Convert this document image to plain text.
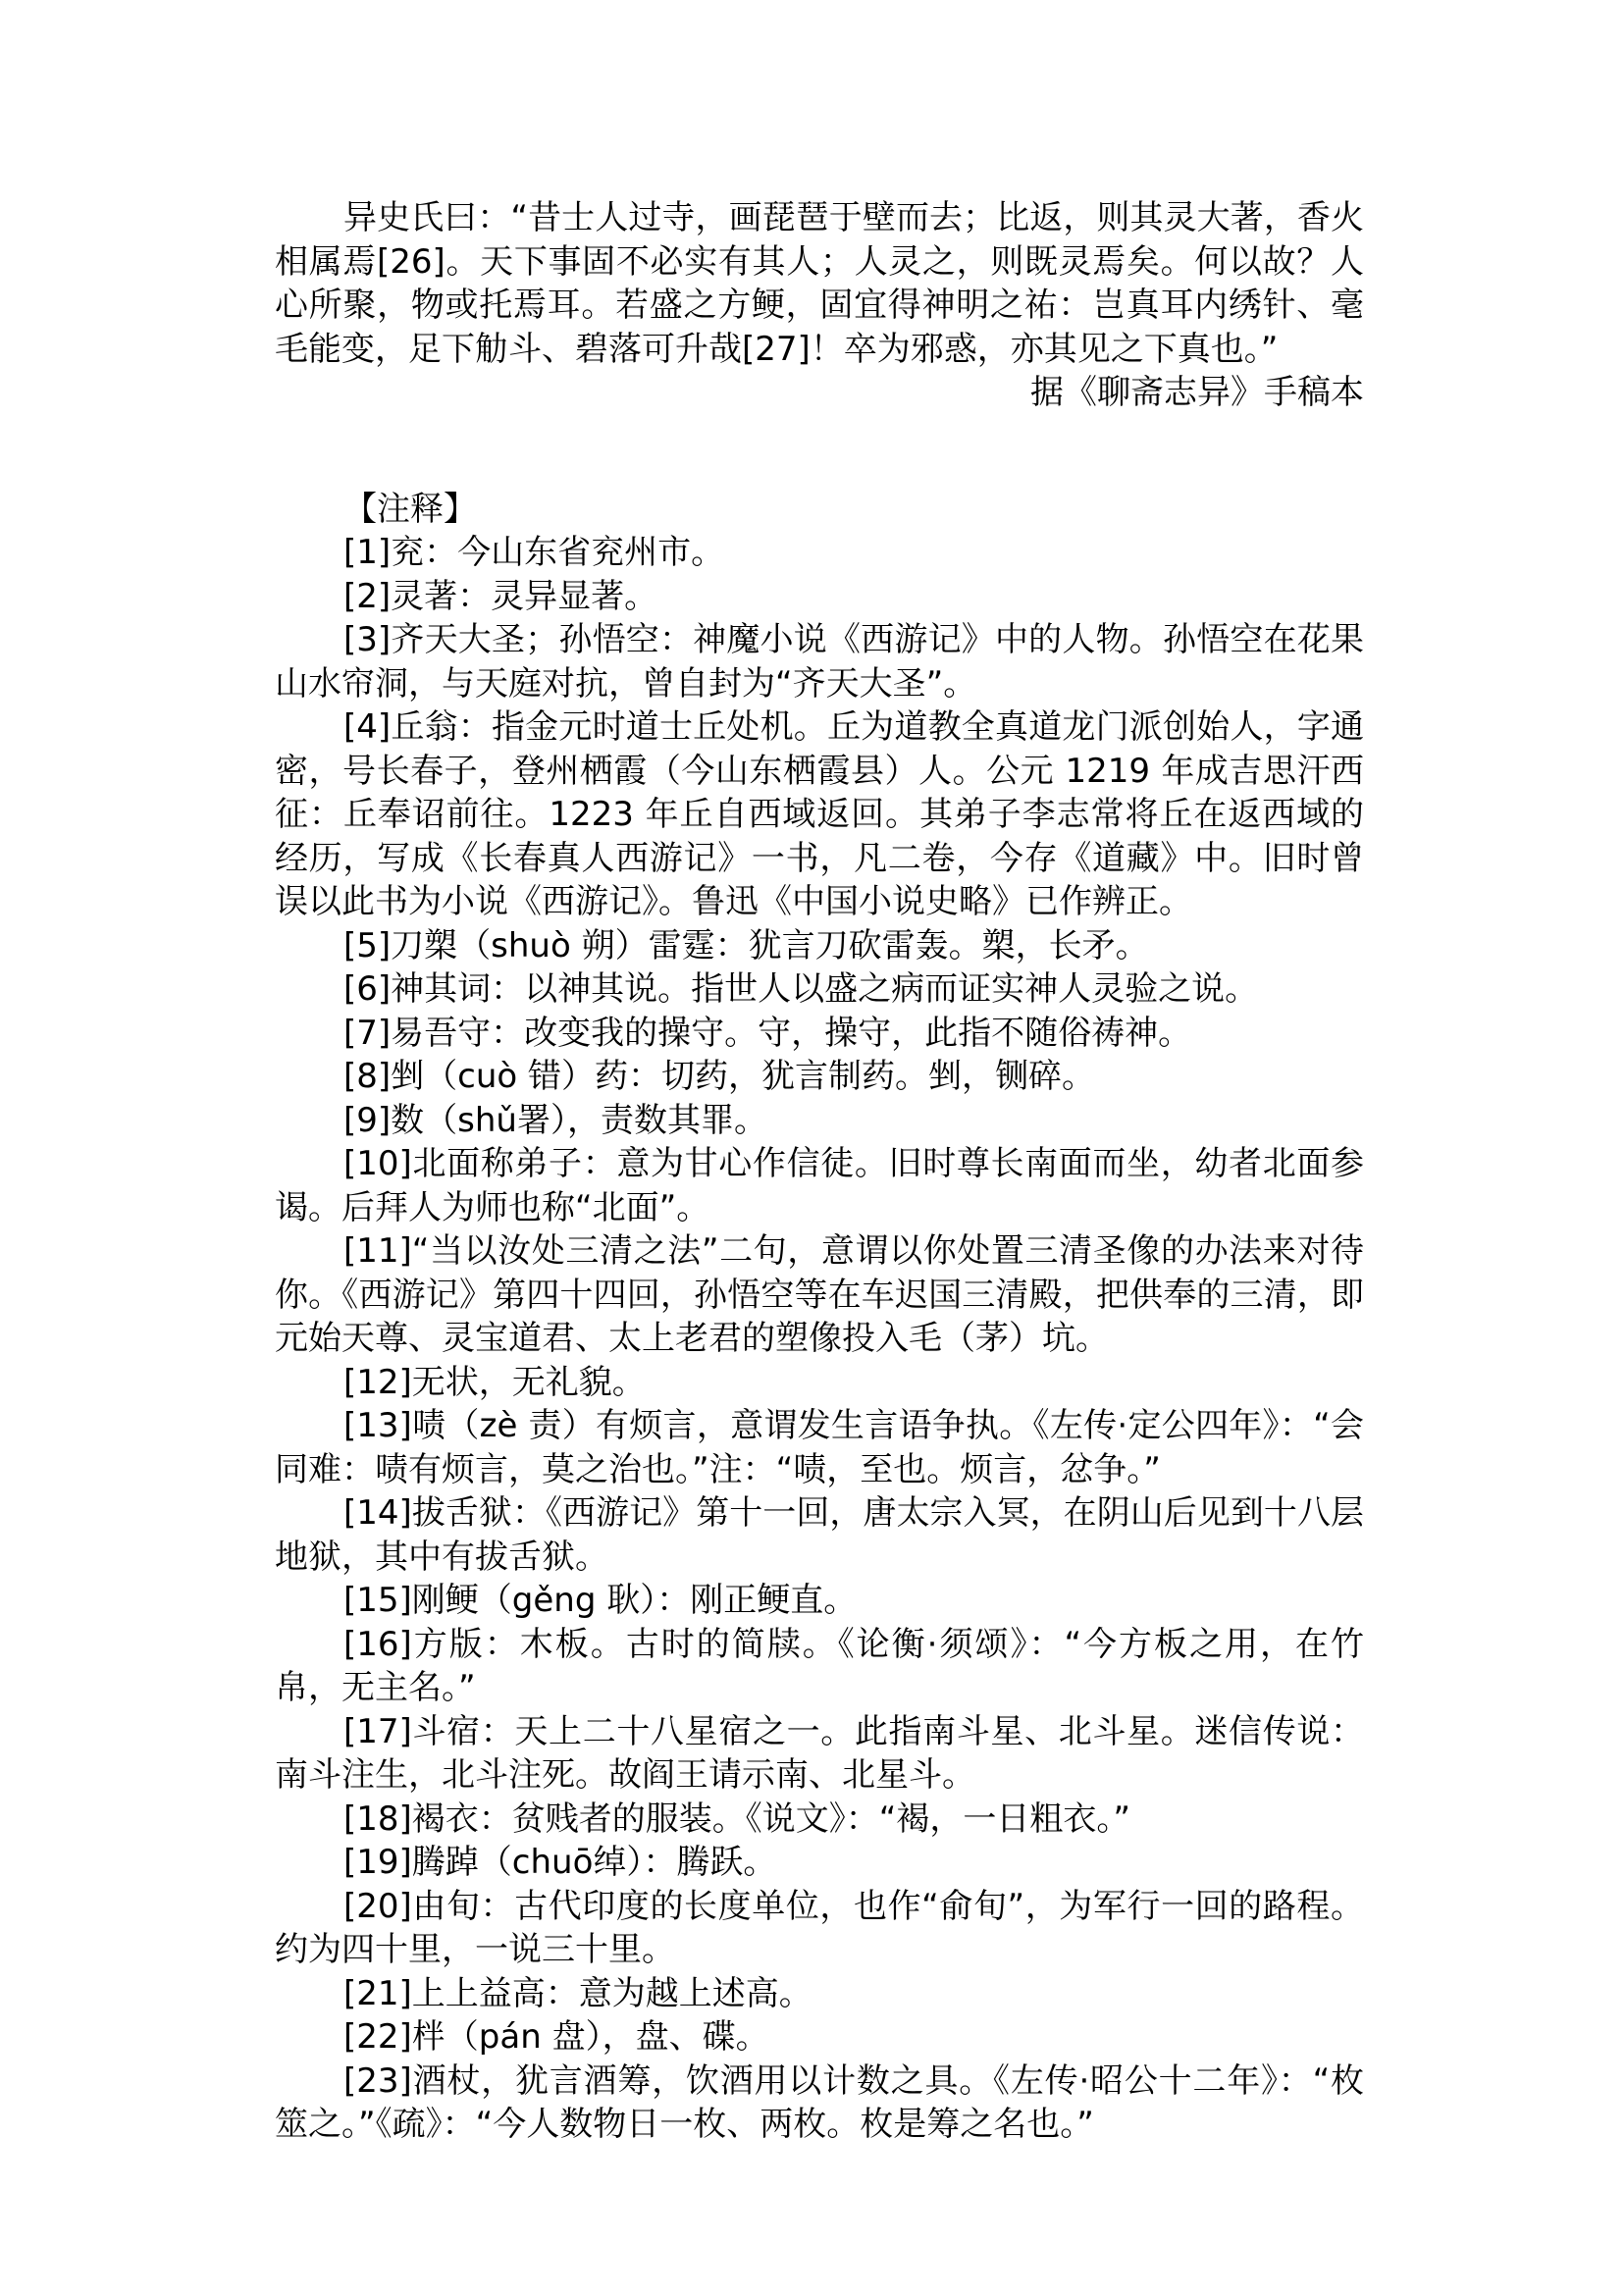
异史氏曰：“昔士人过寺，画琵琶于壁而去；比返，则其灵大著，香火相属焉[26]。天下事固不必实有其人；人灵之，则既灵焉矣。何以故？人心所聚，物或托焉耳。若盛之方鲠，固宜得神明之祐：岂真耳内绣针、毫毛能变，足下觔斗、碧落可升哉[27]！卒为邪惑，亦其见之下真也。”

据《聊斋志异》手稿本

【注释】

[1]兖：今山东省兖州市。

[2]灵著：灵异显著。

[3]齐天大圣；孙悟空：神魔小说《西游记》中的人物。孙悟空在花果山水帘洞，与天庭对抗，曾自封为“齐天大圣”。

[4]丘翁：指金元时道士丘处机。丘为道教全真道龙门派创始人，字通密，号长春子，登州栖霞（今山东栖霞县）人。公元 1219 年成吉思汗西征：丘奉诏前往。1223 年丘自西域返回。其弟子李志常将丘在返西域的经历，写成《长春真人西游记》一书，凡二卷，今存《道藏》中。旧时曾误以此书为小说《西游记》。鲁迅《中国小说史略》已作辨正。

[5]刀槊（shuò 朔）雷霆：犹言刀砍雷轰。槊，长矛。

[6]神其词：以神其说。指世人以盛之病而证实神人灵验之说。

[7]易吾守：改变我的操守。守，操守，此指不随俗祷神。

[8]剉（cuò 错）药：切药，犹言制药。剉，铡碎。

[9]数（shǔ署），责数其罪。

[10]北面称弟子：意为甘心作信徒。旧时尊长南面而坐，幼者北面参谒。后拜人为师也称“北面”。

[11]“当以汝处三清之法”二句，意谓以你处置三清圣像的办法来对待你。《西游记》第四十四回，孙悟空等在车迟国三清殿，把供奉的三清，即元始天尊、灵宝道君、太上老君的塑像投入毛（茅）坑。

[12]无状，无礼貌。

[13]啧（zè 责）有烦言，意谓发生言语争执。《左传·定公四年》：“会同难：啧有烦言，莫之治也。”注：“啧，至也。烦言，忿争。”

[14]拔舌狱：《西游记》第十一回，唐太宗入冥，在阴山后见到十八层地狱，其中有拔舌狱。

[15]刚鲠（gěng 耿）：刚正鲠直。

[16]方版：木板。古时的简牍。《论衡·须颂》：“今方板之用，在竹帛，无主名。”

[17]斗宿：天上二十八星宿之一。此指南斗星、北斗星。迷信传说：南斗注生，北斗注死。故阎王请示南、北星斗。

[18]褐衣：贫贱者的服装。《说文》：“褐，一日粗衣。”

[19]腾踔（chuō绰）：腾跃。

[20]由旬：古代印度的长度单位，也作“俞旬”，为军行一回的路程。约为四十里，一说三十里。

[21]上上益高：意为越上述高。

[22]柈（pán 盘），盘、碟。

[23]酒杖，犹言酒筹，饮酒用以计数之具。《左传·昭公十二年》：“枚筮之。”《疏》：“今人数物日一枚、两枚。枚是筹之名也。”
